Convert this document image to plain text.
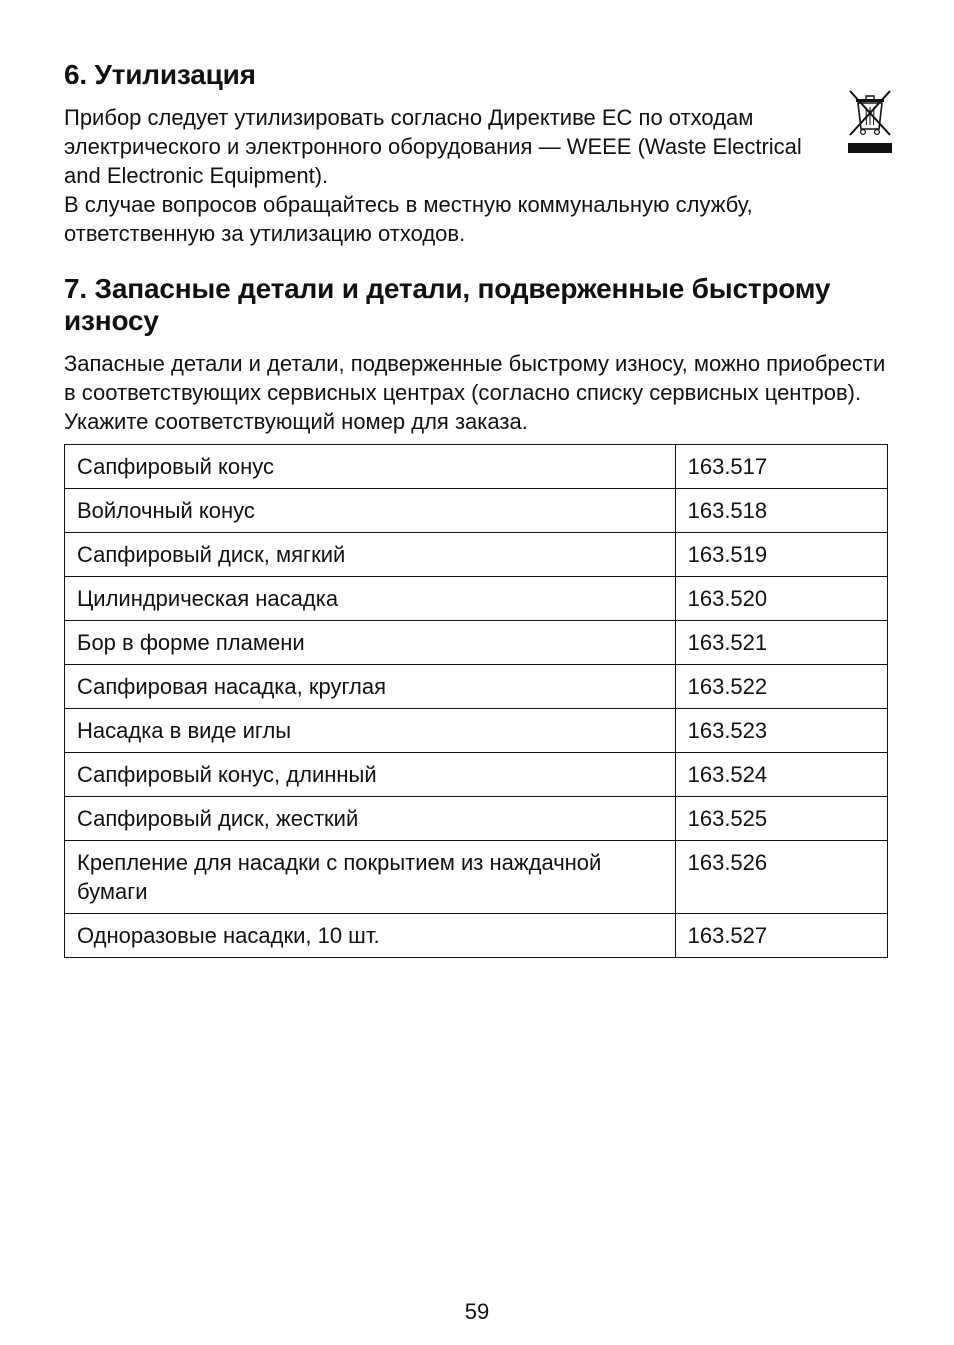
6. Утилизация

Прибор следует утилизировать согласно Директиве ЕС по отходам электрического и электронного оборудования — WEEE (Waste Electrical and Electronic Equipment).

В случае вопросов обращайтесь в местную коммунальную службу, ответственную за утилизацию отходов.

7. Запасные детали и детали, подверженные быстрому износу

Запасные детали и детали, подверженные быстрому износу, можно приобрести в соответствующих сервисных центрах (согласно списку сервисных центров). Укажите соответствующий номер для заказа.

Сапфировый конус	163.517
Войлочный конус	163.518
Сапфировый диск, мягкий	163.519
Цилиндрическая насадка	163.520
Бор в форме пламени	163.521
Сапфировая насадка, круглая	163.522
Насадка в виде иглы	163.523
Сапфировый конус, длинный	163.524
Сапфировый диск, жесткий	163.525
Крепление для насадки с покрытием из наждачной бумаги	163.526
Одноразовые насадки, 10 шт.	163.527
59
